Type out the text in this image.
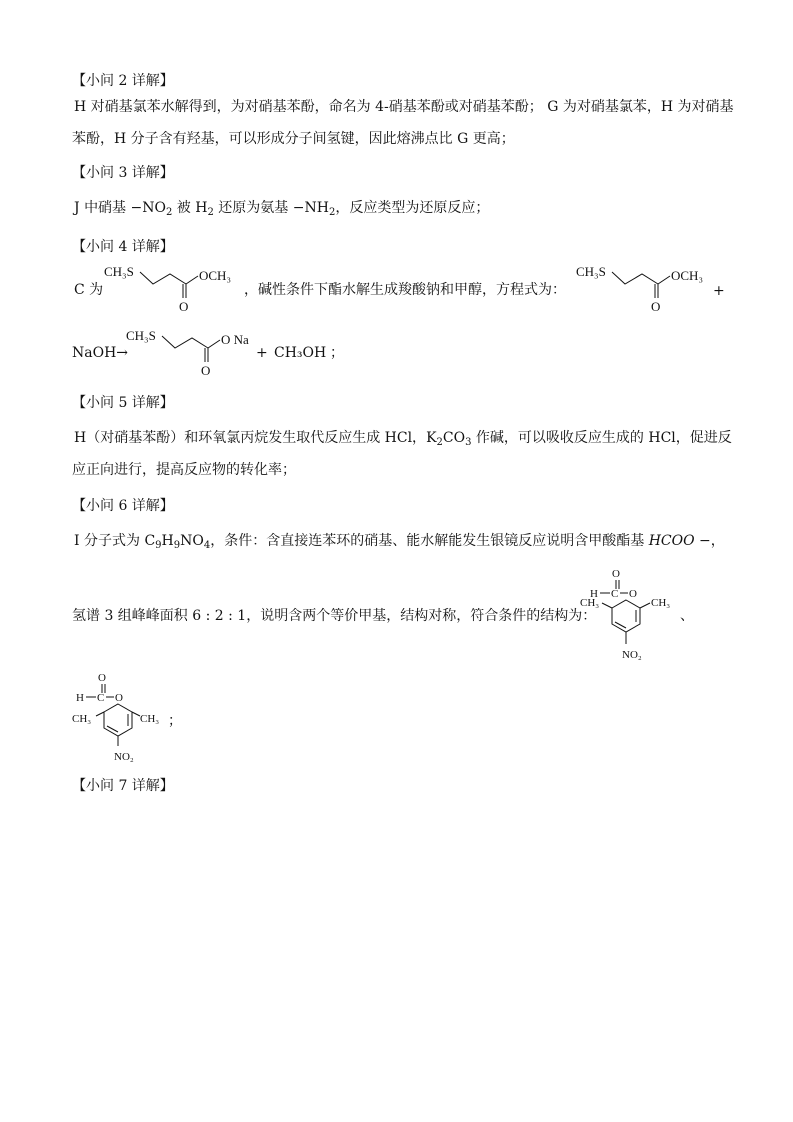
【小问 2 详解】
H 对硝基氯苯水解得到，为对硝基苯酚，命名为 4-硝基苯酚或对硝基苯酚； G 为对硝基氯苯，H 为对硝基
苯酚，H 分子含有羟基，可以形成分子间氢键，因此熔沸点比 G 更高；
【小问 3 详解】
J 中硝基 $-NO_2$ 被 $H_2$ 还原为氨基 $-NH_2$，反应类型为还原反应；
【小问 4 详解】
C 为
CH₃S
O
OCH₃
，碱性条件下酯水解生成羧酸钠和甲醇，方程式为：
CH₃S
O
OCH₃
+
NaOH→
CH₃S
O
O Na
+ CH₃OH ；
【小问 5 详解】
H（对硝基苯酚）和环氧氯丙烷发生取代反应生成 HCl，$K_2CO_3$ 作碱，可以吸收反应生成的 HCl，促进反
应正向进行，提高反应物的转化率；
【小问 6 详解】
I 分子式为 $C_9H_9NO_4$，条件：含直接连苯环的硝基、能水解能发生银镜反应说明含甲酸酯基 HCOO −，
氢谱 3 组峰峰面积 6 : 2 : 1，说明含两个等价甲基，结构对称，符合条件的结构为：
O
H C O
CH₃	CH₃
NO₂
、
O
H C O
CH₃	CH₃
NO₂
；
【小问 7 详解】
